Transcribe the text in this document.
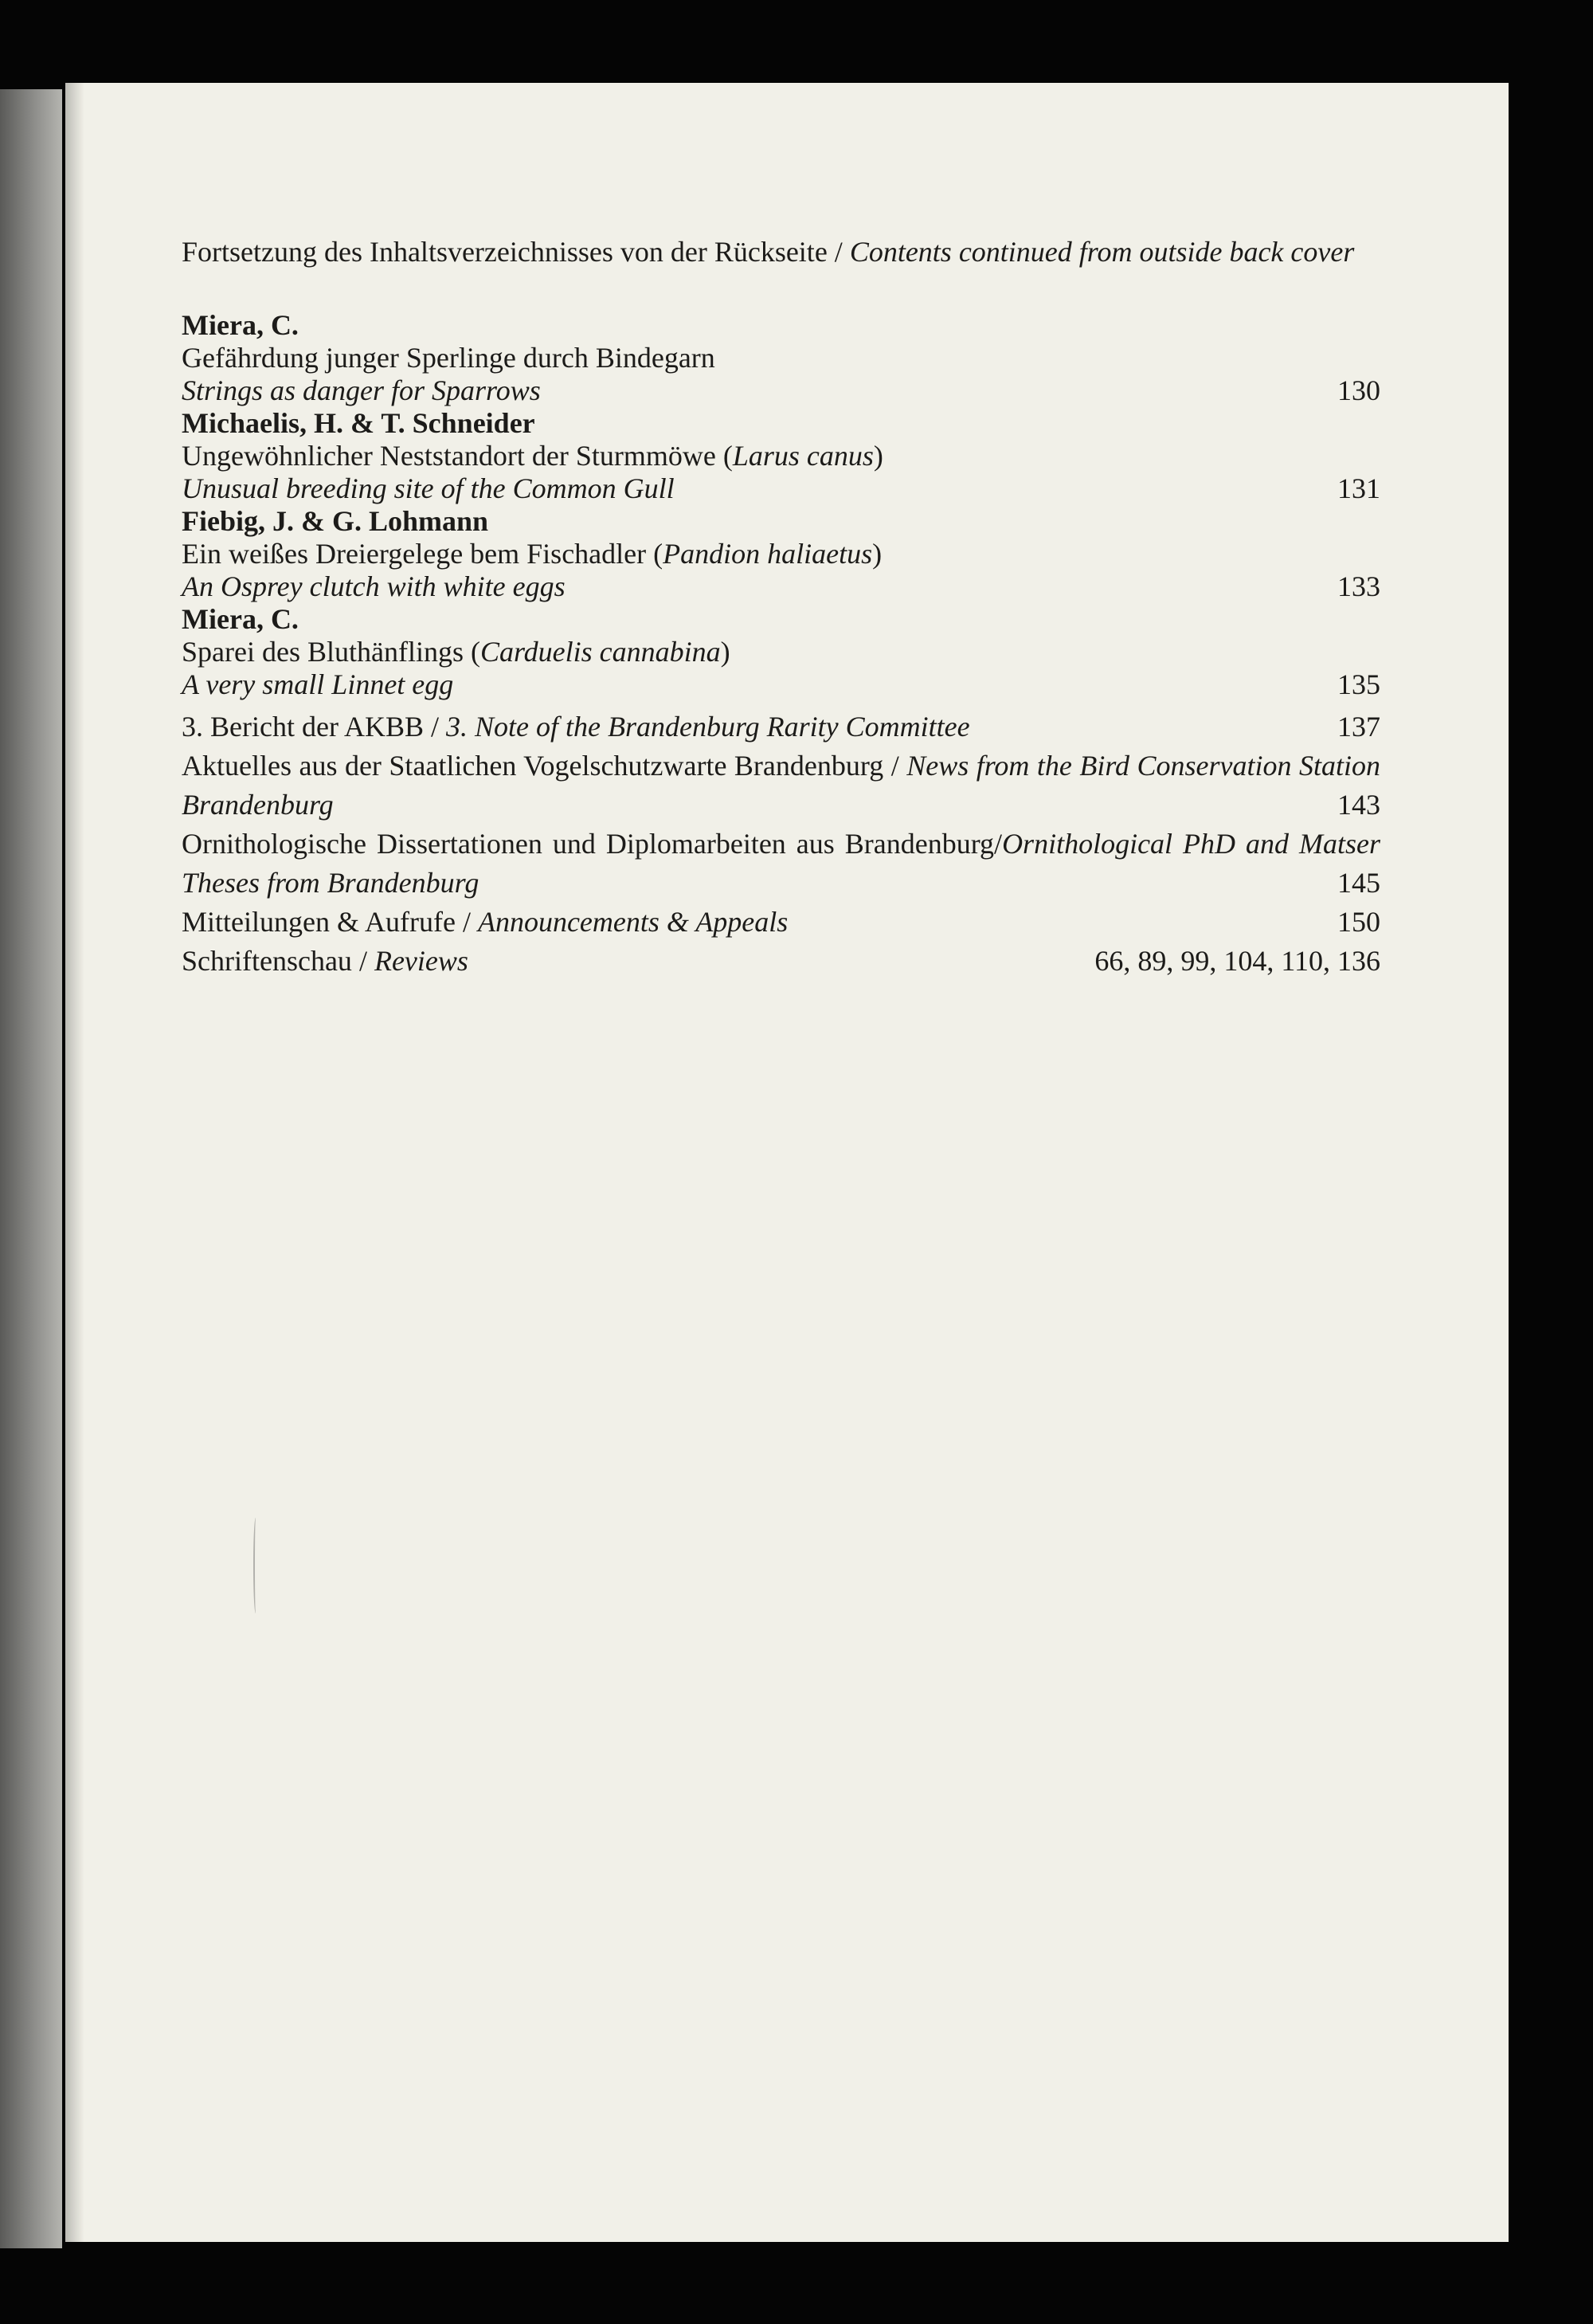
Fortsetzung des Inhaltsverzeichnisses von der Rückseite / Contents continued from outside back cover
Miera, C.
Gefährdung junger Sperlinge durch Bindegarn
Strings as danger for Sparrows	130
Michaelis, H. & T. Schneider
Ungewöhnlicher Neststandort der Sturmmöwe (Larus canus)
Unusual breeding site of the Common Gull	131
Fiebig, J. & G. Lohmann
Ein weißes Dreiergelege bem Fischadler (Pandion haliaetus)
An Osprey clutch with white eggs	133
Miera, C.
Sparei des Bluthänflings (Carduelis cannabina)
A very small Linnet egg	135
3. Bericht der AKBB / 3. Note of the Brandenburg Rarity Committee	137
Aktuelles aus der Staatlichen Vogelschutzwarte Brandenburg / News from the Bird Conservation Station
Brandenburg	143
Ornithologische Dissertationen und Diplomarbeiten aus Brandenburg/Ornithological PhD and Matser
Theses from Brandenburg	145
Mitteilungen & Aufrufe / Announcements & Appeals	150
Schriftenschau / Reviews	66, 89, 99, 104, 110, 136
